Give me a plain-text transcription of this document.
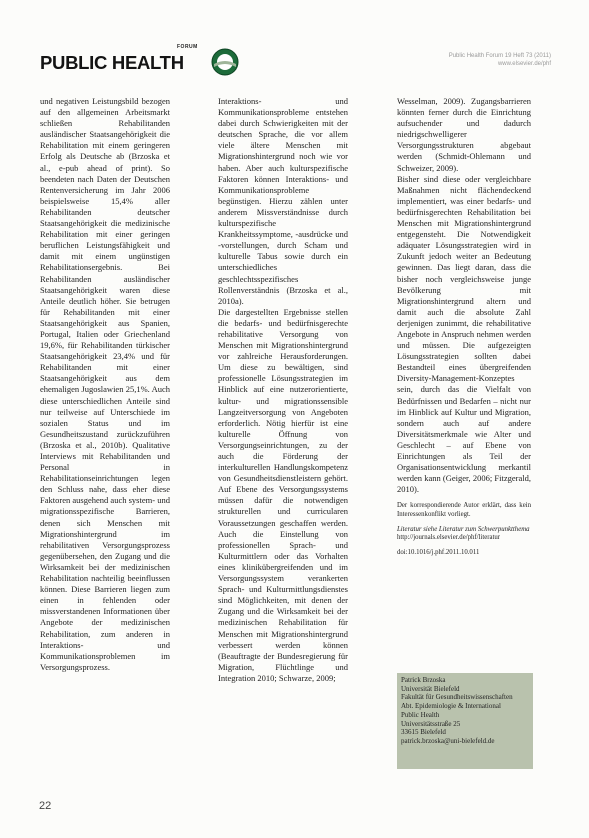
FORUM
PUBLIC HEALTH	Public Health Forum 19 Heft 73 (2011)
www.elsevier.de/phf

und negativen Leistungsbild bezogen auf den allgemeinen Arbeitsmarkt schließen Rehabilitanden ausländischer Staatsangehörigkeit die Rehabilitation mit einem geringeren Erfolg als Deutsche ab (Brzoska et al., e-pub ahead of print). So beendeten nach Daten der Deutschen Rentenversicherung im Jahr 2006 beispielsweise 15,4% aller Rehabilitanden deutscher Staatsangehörigkeit die medizinische Rehabilitation mit einer geringen beruflichen Leistungsfähigkeit und damit mit einem ungünstigen Rehabilitationsergebnis. Bei Rehabilitanden ausländischer Staatsangehörigkeit waren diese Anteile deutlich höher. Sie betrugen für Rehabilitanden mit einer Staatsangehörigkeit aus Spanien, Portugal, Italien oder Griechenland 19,6%, für Rehabilitanden türkischer Staatsangehörigkeit 23,4% und für Rehabilitanden mit einer Staatsangehörigkeit aus dem ehemaligen Jugoslawien 25,1%. Auch diese unterschiedlichen Anteile sind nur teilweise auf Unterschiede im sozialen Status und im Gesundheitszustand zurückzuführen (Brzoska et al., 2010b). Qualitative Interviews mit Rehabilitanden und Personal in Rehabilitationseinrichtungen legen den Schluss nahe, dass eher diese Faktoren ausgehend auch system- und migrationsspezifische Barrieren, denen sich Menschen mit Migrationshintergrund im rehabilitativen Versorgungsprozess gegenübersehen, den Zugang und die Wirksamkeit bei der medizinischen Rehabilitation nachteilig beeinflussen können. Diese Barrieren liegen zum einen in fehlenden oder missverstandenen Informationen über Angebote der medizinischen Rehabilitation, zum anderen in Interaktions- und Kommunikationsproblemen im Versorgungsprozess.

Interaktions- und Kommunikationsprobleme entstehen dabei durch Schwierigkeiten mit der deutschen Sprache, die vor allem viele ältere Menschen mit Migrationshintergrund noch wie vor haben. Aber auch kulturspezifische Faktoren können Interaktions- und Kommunikationsprobleme begünstigen. Hierzu zählen unter anderem Missverständnisse durch kulturspezifische Krankheitssymptome, -ausdrücke und -vorstellungen, durch Scham und kulturelle Tabus sowie durch ein unterschiedliches geschlechtsspezifisches Rollenverständnis (Brzoska et al., 2010a).

Die dargestellten Ergebnisse stellen die bedarfs- und bedürfnisgerechte rehabilitative Versorgung von Menschen mit Migrationshintergrund vor zahlreiche Herausforderungen. Um diese zu bewältigen, sind professionelle Lösungsstrategien im Hinblick auf eine nutzerorientierte, kultur- und migrationssensible Langzeitversorgung von Angeboten erforderlich. Nötig hierfür ist eine kulturelle Öffnung von Versorgungseinrichtungen, zu der auch die Förderung der interkulturellen Handlungskompetenz von Gesundheitsdienstleistern gehört. Auf Ebene des Versorgungssystems müssen dafür die notwendigen strukturellen und curricularen Voraussetzungen geschaffen werden. Auch die Einstellung von professionellen Sprach- und Kulturmittlern oder das Vorhalten eines klinikübergreifenden und im Versorgungssystem verankerten Sprach- und Kulturmittlungsdienstes sind Möglichkeiten, mit denen der Zugang und die Wirksamkeit bei der medizinischen Rehabilitation für Menschen mit Migrationshintergrund verbessert werden können (Beauftragte der Bundesregierung für Migration, Flüchtlinge und Integration 2010; Schwarze, 2009;

Wesselman, 2009). Zugangsbarrieren könnten ferner durch die Einrichtung aufsuchender und dadurch niedrigschwelligerer Versorgungsstrukturen abgebaut werden (Schmidt-Ohlemann und Schweizer, 2009).

Bisher sind diese oder vergleichbare Maßnahmen nicht flächendeckend implementiert, was einer bedarfs- und bedürfnisgerechten Rehabilitation bei Menschen mit Migrationshintergrund entgegensteht. Die Notwendigkeit adäquater Lösungsstrategien wird in Zukunft jedoch weiter an Bedeutung gewinnen. Das liegt daran, dass die bisher noch vergleichsweise junge Bevölkerung mit Migrationshintergrund altern und damit auch die absolute Zahl derjenigen zunimmt, die rehabilitative Angebote in Anspruch nehmen werden und müssen. Die aufgezeigten Lösungsstrategien sollten dabei Bestandteil eines übergreifenden Diversity-Management-Konzeptes sein, durch das die Vielfalt von Bedürfnissen und Bedarfen – nicht nur im Hinblick auf Kultur und Migration, sondern auch auf andere Diversitätsmerkmale wie Alter und Geschlecht – auf Ebene von Einrichtungen als Teil der Organisationsentwicklung merkantil werden kann (Geiger, 2006; Fitzgerald, 2010).

Der korrespondierende Autor erklärt, dass kein Interessenkonflikt vorliegt.

Literatur siehe Literatur zum Schwerpunktthema

http://journals.elsevier.de/phf/literatur

doi:10.1016/j.phf.2011.10.011

Patrick Brzoska
Universität Bielefeld
Fakultät für Gesundheitswissenschaften
Abt. Epidemiologie & International
Public Health
Universitätsstraße 25
33615 Bielefeld
patrick.brzoska@uni-bielefeld.de
22
